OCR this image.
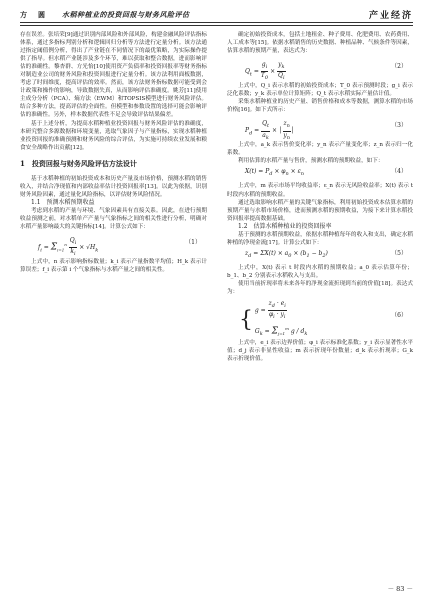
方　圆 水稻种植业的投资回报与财务风险评估	产业经济

存在误差。张培荣[9]通过识别内部风险和外部风险，构建金融风险评估指标体系，通过多指标判别分析和逻辑回归分析等方法进行定量分析。该方法通过指定阈值例分析，得出了产业链在不同情况下的最优策略，为实际操作提供了指导。但水稻产业链涉及多个环节，难以获取和整合数据，进而影响评估的准确性。黎杏群、方光怡[10]使用资产负债率和投资回报率等财务指标对制造业公司的财务风险和投资回报进行定量分析。该方法利用面板数据，考虑了时间维度，提高评估的效率。然而，该方法财务指标数据可能受到会计政策和操作的影响，导致数据失真，从而影响评估准确度。姚芳[11]使用主成分分析（PCA）、熵方法（EWM）和TOPSIS模型进行财务风险评估。结合多种方法，提高评估的全面性。但模型和参数设置的选择可能会影响评估的准确性。另外，样本数据代表性不足会导致评估结果偏差。

基于上述分析，为提高水稻种植业投资回报与财务风险评估的准确度，本研究整合多源数据和环境变量，选取气象因子与产量指标，实现水稻种植业投资回报的准确预测和财务风险的综合评估，为实施可持续农业发展和粮食安全战略作出贡献[12]。

1　投资回报与财务风险评估方法设计

基于水稻种植的初始投资成本和历史产量及市场价格，预测水稻的销售收入，并结合净现值和内部收益率估计投资回报率[13]。以此为依据，识别财务风险因素，通过量化风险指标，以评估财务风险情况。

1.1　预测水稻预期收益

考虑到水稻的产量与环境、气象因素具有直接关系。因此，在进行预期收益预测之前，对水稻单产产量与气象指标之间的相关性进行分析，明确对水稻产量影响最大的关键指标[14]。计算公式如下：

$f_i = \Sigma_{i=1}^n \frac{Q_i}{k_i} \times √H_k$
（1）

上式中，n 表示影响指标数量；k_i 表示产量指数平均值；H_k 表示计算误差；f_i 表示第 i 个气象指标与水稻产量之间的相关性。

确定初始投资成本，包括土地租金、种子费用、化肥费用、农药费用、人工成本等[15]。依据水稻销售的历史数据、种植品种、气候条件等因素，估算水稻的预期产量，表达式为：

$Q_t = \frac{g_i}{T_0} \times \frac{y_k}{Q_i}$	（2）

上式中，Q_i 表示水稻的初始投资成本；T_0 表示预测时段；g_i 表示泛化系数；y_k 表示单位计算矩阵；Q_t 表示水稻实际产量估计值。

采集水稻种植业的历史产量、销售价格和成本等数据，测算水稻的市场价格[16]。如下式所示：

$P_d = \frac{Q_t}{a_k}$ × │ $\frac{z_n}{y_n}$ │
（3）

上式中，a_k 表示售价变化率；y_n 表示产量变化率；z_n 表示归一化系数。

利用估算的水稻产量与售价，预测水稻的预期收益，如下：

$X(t) = P_d \times \varphi_n \times \varepsilon_n$	（4）

上式中，m 表示市场平均收益率；ε_n 表示无风险收益率；X(t) 表示 t 时段内水稻的预期收益。

通过选取影响水稻产量的关键气象指标，利用初始投资成本估算水稻的预期产量与水稻市场价格，进而预测水稻的预期收益，为接下来计算水稻投资回报率提高数据基础。

1.2　估算水稻种植业的投资回报率

基于预测的水稻预期收益，依据水稻种植每年的收入和支出，确定水稻种植的净现金流[17]。计算公式如下：

$z_d = \Sigma X(t) \times a_0 \times (b_1 - b_2)$	（5）

上式中，X(t) 表示 t 时段内水稻的预期收益；a_0 表示估算年份；b_1、b_2 分别表示水稻收入与支出。

使用当前折现率将未来各年的净现金流折现到当前的价值[18]。表达式为：

{ $g = \frac{z_d \cdot e_i}{\varphi_i \cdot y_i}$

$G_k = \Sigma_{j=1}^m$ g / $d_k$
（6）

上式中，e_i 表示边界价值；φ_i 表示标准化系数；y_i 表示显著性水平值；d_j 表示非显性收益；m 表示折现年份数量；d_k 表示折现率；G_k 表示折现价值。

－ 83 －
